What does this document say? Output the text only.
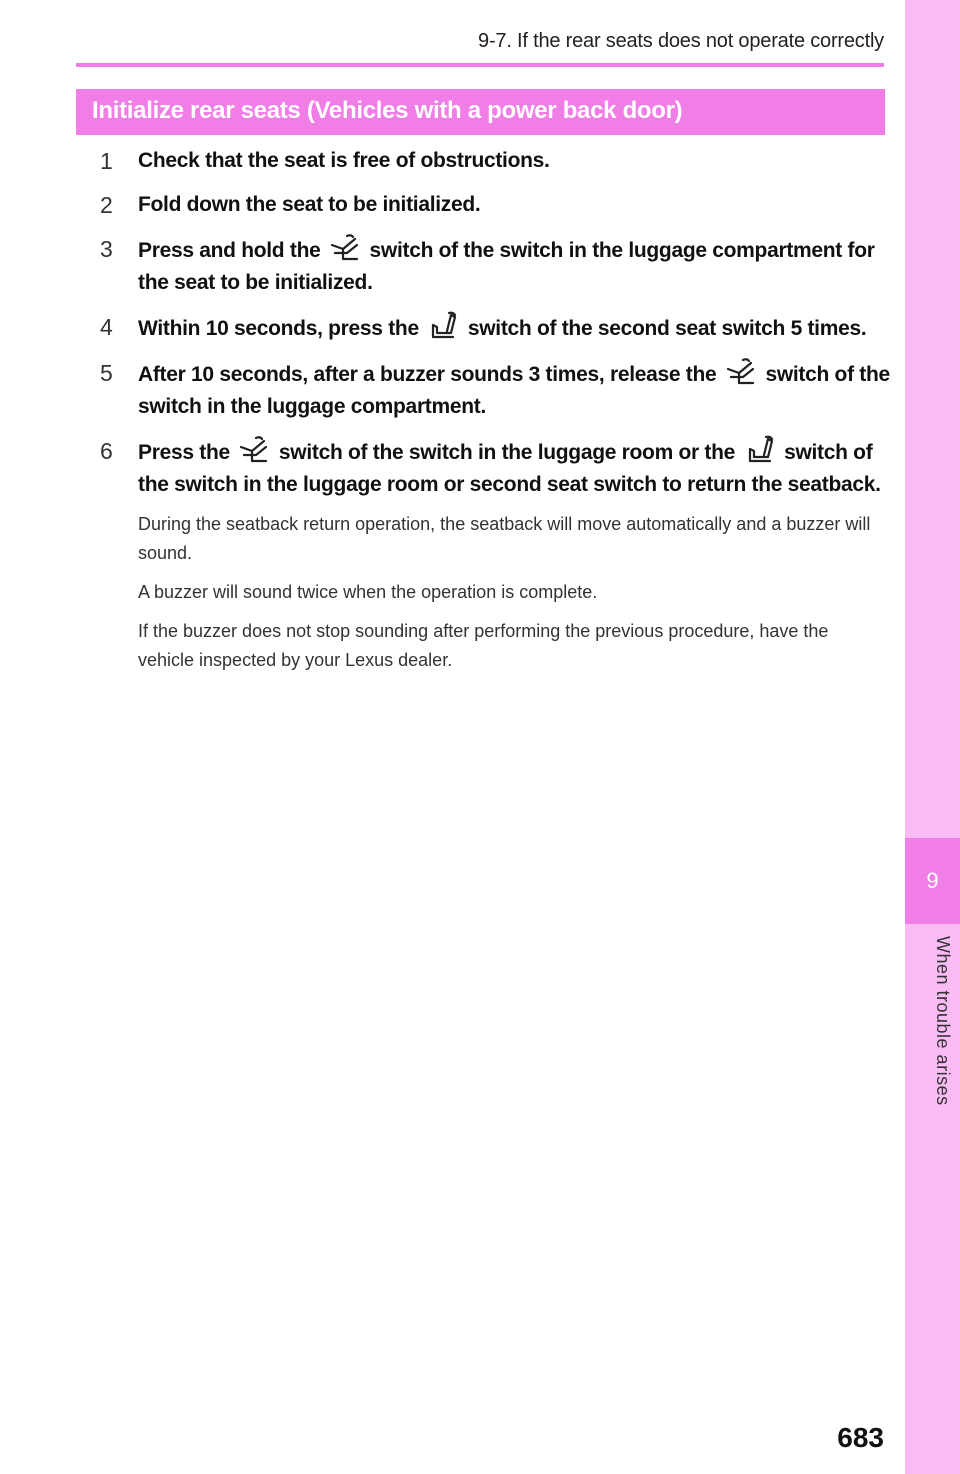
9
When trouble arises
9-7. If the rear seats does not operate correctly
Initialize rear seats (Vehicles with a power back door)
1	Check that the seat is free of obstructions.
2	Fold down the seat to be initialized.
3	Press and hold the  switch of the switch in the luggage compartment for the seat to be initialized.
4	Within 10 seconds, press the  switch of the second seat switch 5 times.
5	After 10 seconds, after a buzzer sounds 3 times, release the  switch of the switch in the luggage compartment.
6	Press the  switch of the switch in the luggage room or the  switch of the switch in the luggage room or second seat switch to return the seatback.
During the seatback return operation, the seatback will move automatically and a buzzer will sound.
A buzzer will sound twice when the operation is complete.
If the buzzer does not stop sounding after performing the previous procedure, have the vehicle inspected by your Lexus dealer.
683
